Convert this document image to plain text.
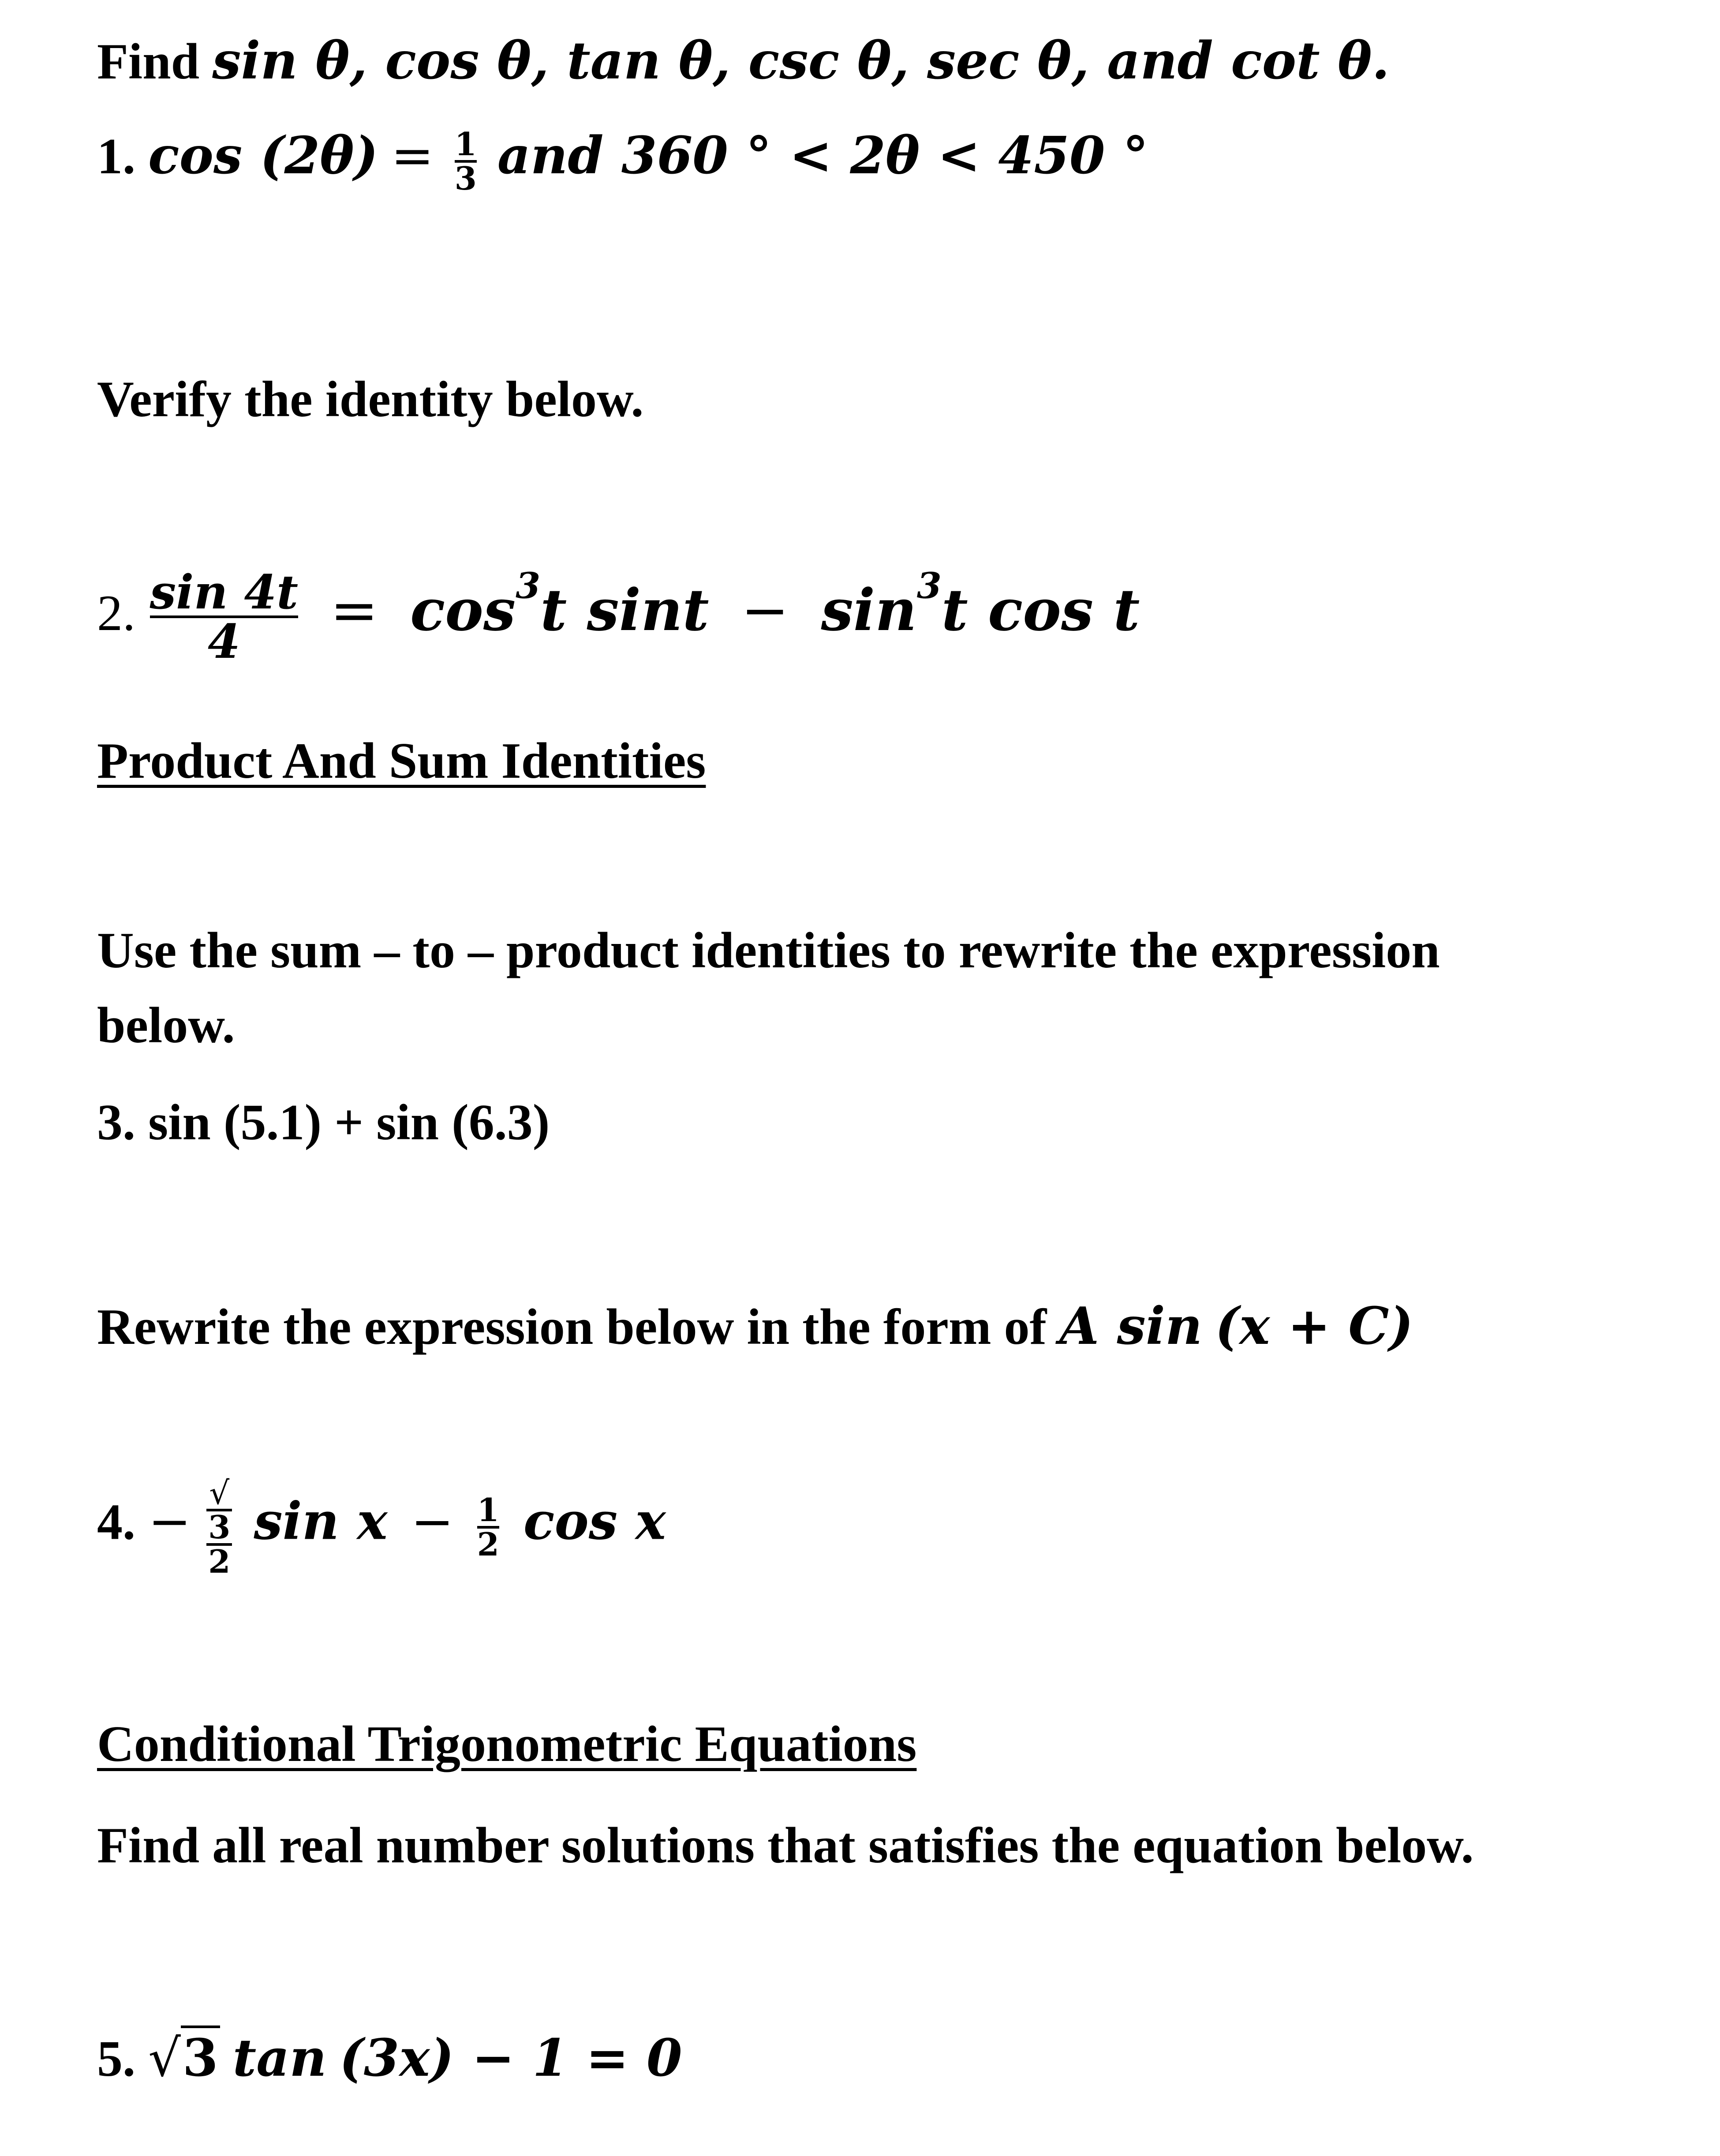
Find sin θ, cos θ, tan θ, csc θ, sec θ, and cot θ.
1. $\cos (2\theta) = \frac{1}{3}$ and 360 ° < 2θ < 450 °
Verify the identity below.
2. $\frac{\sin 4t}{4} = \cos^3t$ $\sin t - \sin^3t$ cos t
Product And Sum Identities
Use the sum – to – product identities to rewrite the expression
below.
3. sin (5.1) + sin (6.3)
Rewrite the expression below in the form of A sin (x + C)
4. − √
3
2 $\sin x - \frac{1}{2}$ cos x
Conditional Trigonometric Equations
Find all real number solutions that satisfies the equation below.
5. √3 tan (3x) − 1 = 0
